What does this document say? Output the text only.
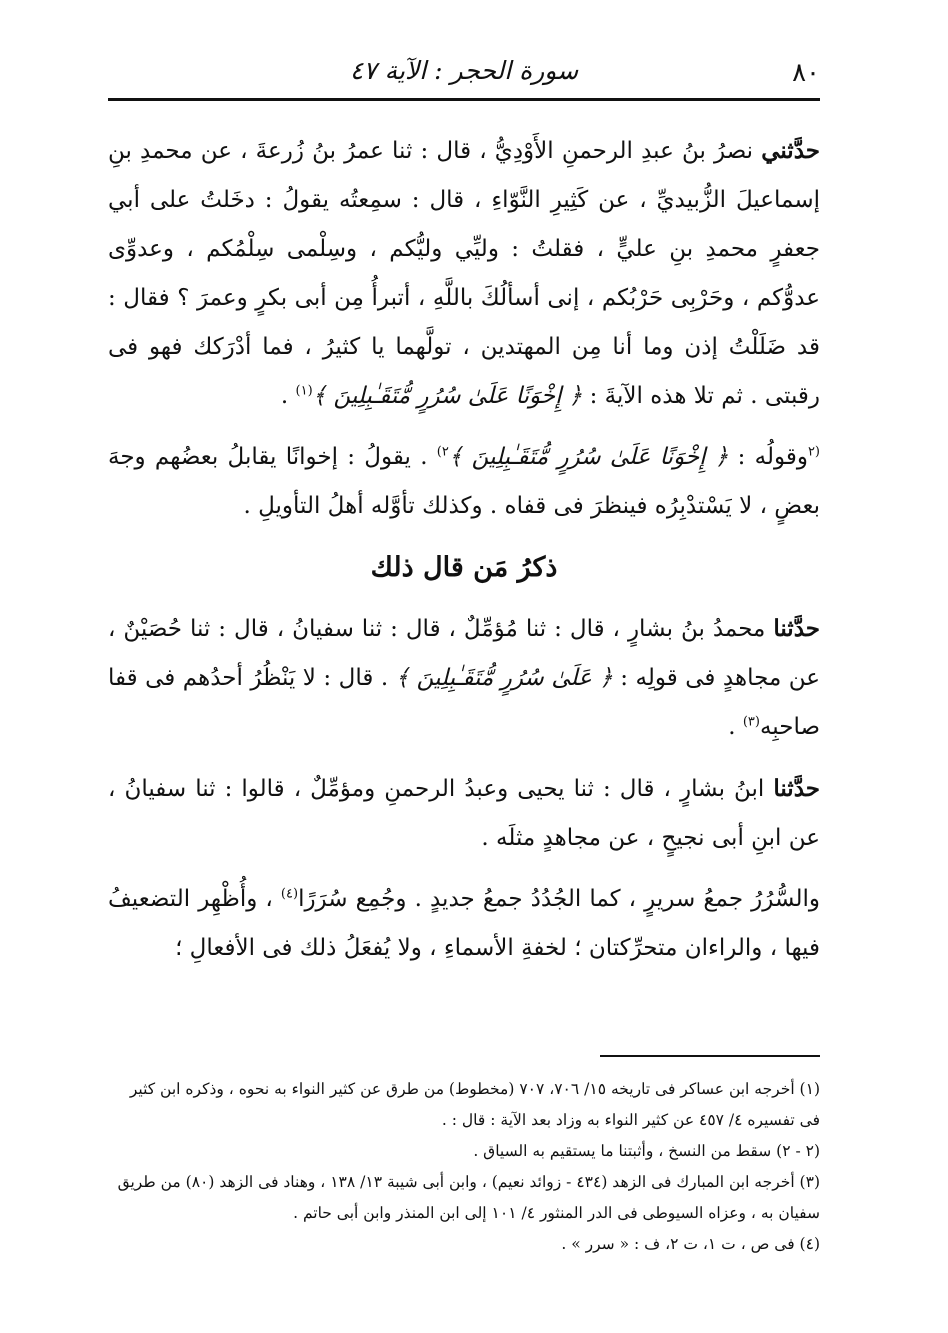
٨٠
سورة الحجر : الآية ٤٧

حدَّثني نصرُ بنُ عبدِ الرحمنِ الأَوْدِيُّ ، قال : ثنا عمرُ بنُ زُرعةَ ، عن محمدِ بنِ إسماعيلَ الزُّبيديِّ ، عن كَثِيرِ النَّوّاءِ ، قال : سمِعتُه يقولُ : دخَلتُ على أبي جعفرٍ محمدِ بنِ عليٍّ ، فقلتُ : وليِّي وليُّكم ، وسِلْمى سِلْمُكم ، وعدوِّى عدوُّكم ، وحَرْبِى حَرْبُكم ، إنى أسألُكَ باللَّهِ ، أتبرأُ مِن أبى بكرٍ وعمرَ ؟ فقال : قد ضَلَلْتُ إذن وما أنا مِن المهتدين ، تولَّهما يا كثيرُ ، فما أدْرَكك فهو فى رقبتى . ثم تلا هذه الآيةَ : ﴿ إِخْوَنًا عَلَىٰ سُرُرٍ مُّتَقَـٰبِلِينَ ﴾$^{(١)}$ .

$^{(٢}$وقولُه : ﴿ إِخْوَنًا عَلَىٰ سُرُرٍ مُّتَقَـٰبِلِينَ ﴾$^{٢)}$ . يقولُ : إخوانًا يقابلُ بعضُهم وجهَ بعضٍ ، لا يَسْتدْبِرُه فينظرَ فى قفاه . وكذلك تأوَّله أهلُ التأويلِ .

ذكرُ مَن قال ذلك

حدَّثنا محمدُ بنُ بشارٍ ، قال : ثنا مُؤمِّلٌ ، قال : ثنا سفيانُ ، قال : ثنا حُصَيْنٌ ، عن مجاهدٍ فى قولِه : ﴿ عَلَىٰ سُرُرٍ مُّتَقَـٰبِلِينَ ﴾ . قال : لا يَنْظُرُ أحدُهم فى قفا صاحبِه$^{(٣)}$ .

حدَّثنا ابنُ بشارٍ ، قال : ثنا يحيى وعبدُ الرحمنِ ومؤمِّلٌ ، قالوا : ثنا سفيانُ ، عن ابنِ أبى نجيحٍ ، عن مجاهدٍ مثلَه .

والسُّرُرُ جمعُ سريرٍ ، كما الجُدُدُ جمعُ جديدٍ . وجُمِع سُرَرًا$^{(٤)}$ ، وأُظْهِر التضعيفُ فيها ، والراءان متحرِّكتان ؛ لخفةِ الأسماءِ ، ولا يُفعَلُ ذلك فى الأفعالِ ؛

(١) أخرجه ابن عساكر فى تاريخه ١٥/ ٧٠٦، ٧٠٧ (مخطوط) من طرق عن كثير النواء به نحوه ، وذكره ابن كثير فى تفسيره ٤/ ٤٥٧ عن كثير النواء به وزاد بعد الآية : قال : .

(٢ - ٢) سقط من النسخ ، وأثبتنا ما يستقيم به السياق .

(٣) أخرجه ابن المبارك فى الزهد (٤٣٤ - زوائد نعيم) ، وابن أبى شيبة ١٣/ ١٣٨ ، وهناد فى الزهد (٨٠) من طريق سفيان به ، وعزاه السيوطى فى الدر المنثور ٤/ ١٠١ إلى ابن المنذر وابن أبى حاتم .

(٤) فى ص ، ت ١، ت ٢، ف : « سرر » .
